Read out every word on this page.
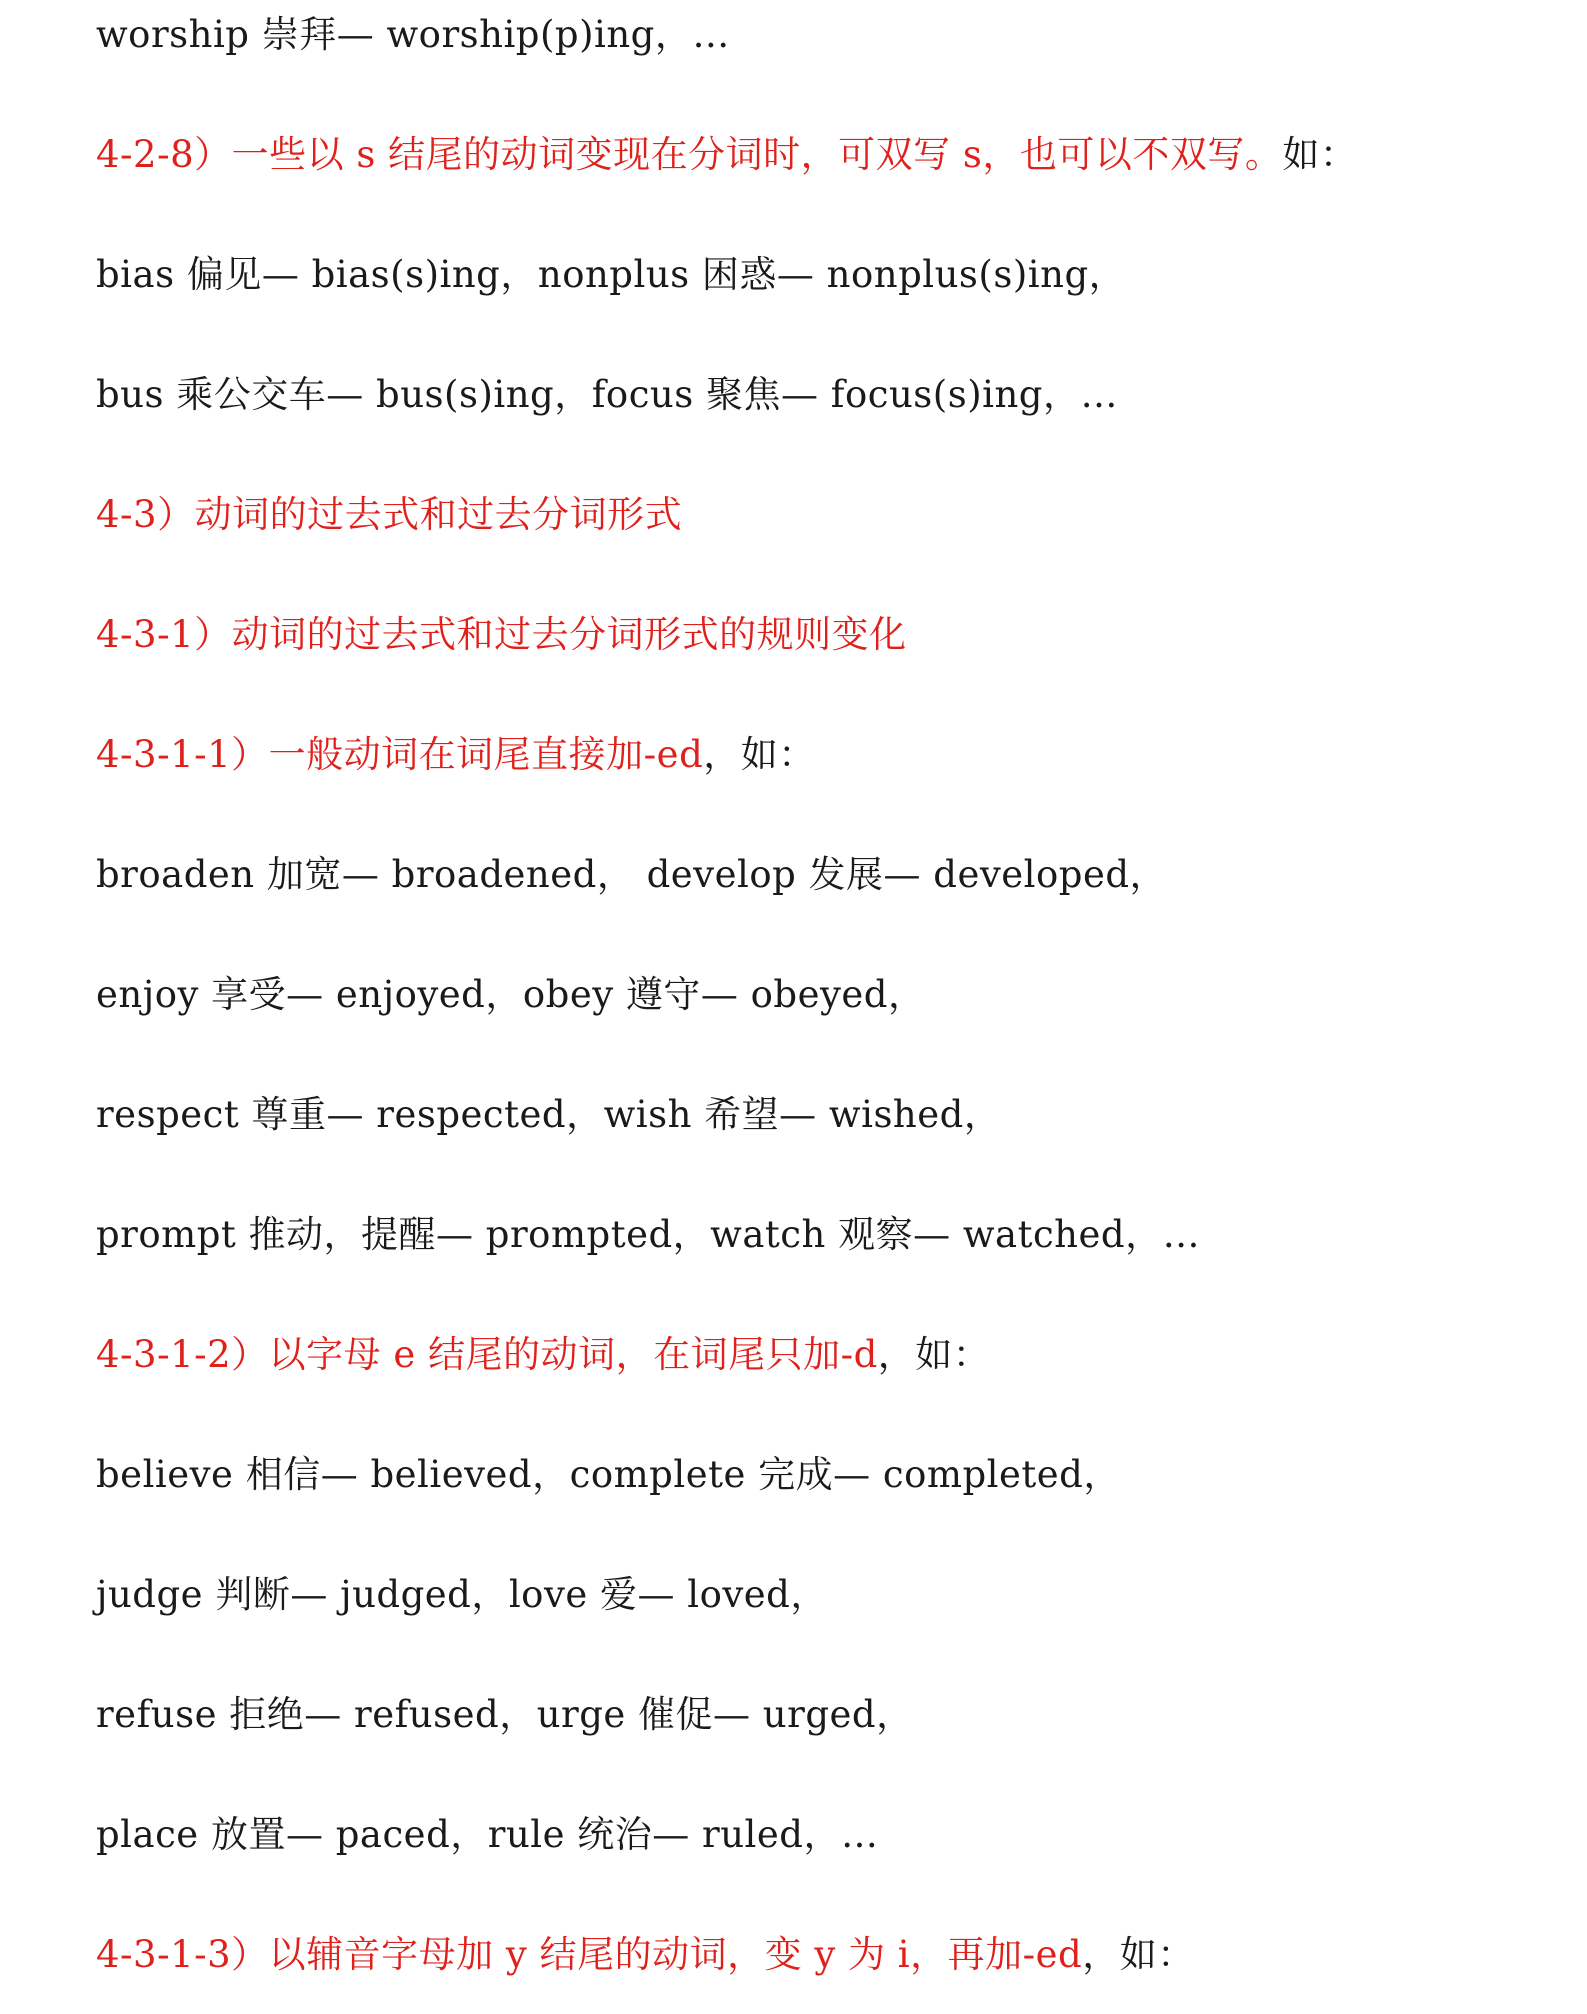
worship 崇拜— worship(p)ing，…
4-2-8）一些以 s 结尾的动词变现在分词时，可双写 s，也可以不双写。如：
bias 偏见— bias(s)ing，nonplus 困惑— nonplus(s)ing，
bus 乘公交车— bus(s)ing，focus 聚焦— focus(s)ing，…
4-3）动词的过去式和过去分词形式
4-3-1）动词的过去式和过去分词形式的规则变化
4-3-1-1）一般动词在词尾直接加-ed，如：
broaden 加宽— broadened， develop 发展— developed，
enjoy 享受— enjoyed，obey 遵守— obeyed，
respect 尊重— respected，wish 希望— wished，
prompt 推动，提醒— prompted，watch 观察— watched，…
4-3-1-2）以字母 e 结尾的动词，在词尾只加-d，如：
believe 相信— believed，complete 完成— completed，
judge 判断— judged，love 爱— loved，
refuse 拒绝— refused，urge 催促— urged，
place 放置— paced，rule 统治— ruled，…
4-3-1-3）以辅音字母加 y 结尾的动词，变 y 为 i，再加-ed，如：
